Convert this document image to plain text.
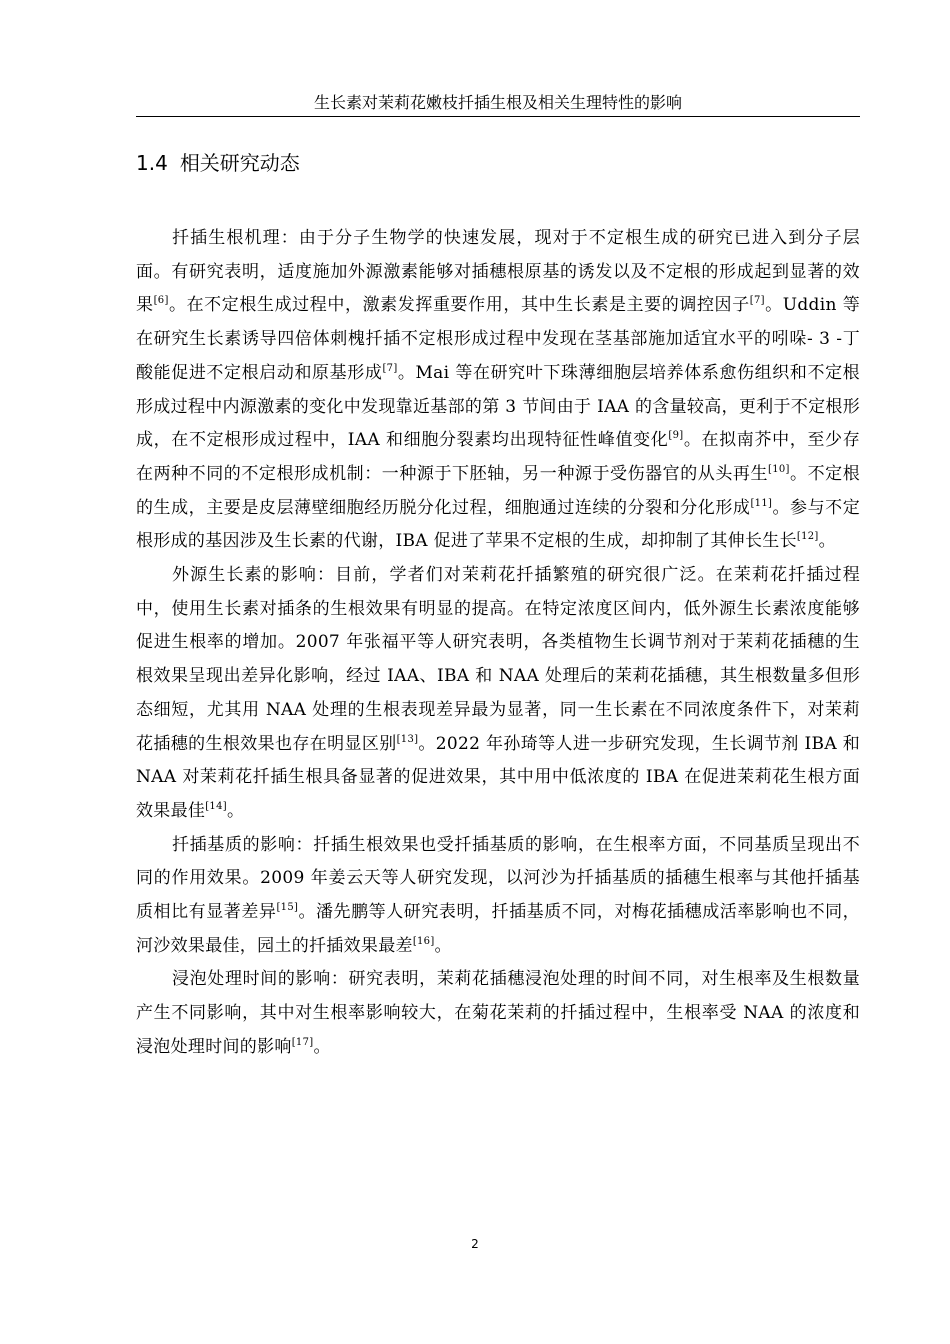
生长素对茉莉花嫩枝扦插生根及相关生理特性的影响
1.4 相关研究动态

扦插生根机理：由于分子生物学的快速发展，现对于不定根生成的研究已进入到分子层面。有研究表明，适度施加外源激素能够对插穗根原基的诱发以及不定根的形成起到显著的效果[6]。在不定根生成过程中，激素发挥重要作用，其中生长素是主要的调控因子[7]。Uddin 等在研究生长素诱导四倍体刺槐扦插不定根形成过程中发现在茎基部施加适宜水平的吲哚- 3 -丁酸能促进不定根启动和原基形成[7]。Mai 等在研究叶下珠薄细胞层培养体系愈伤组织和不定根形成过程中内源激素的变化中发现靠近基部的第 3 节间由于 IAA 的含量较高，更利于不定根形成，在不定根形成过程中，IAA 和细胞分裂素均出现特征性峰值变化[9]。在拟南芥中，至少存在两种不同的不定根形成机制：一种源于下胚轴，另一种源于受伤器官的从头再生[10]。不定根的生成，主要是皮层薄壁细胞经历脱分化过程，细胞通过连续的分裂和分化形成[11]。参与不定根形成的基因涉及生长素的代谢，IBA 促进了苹果不定根的生成，却抑制了其伸长生长[12]。

外源生长素的影响：目前，学者们对茉莉花扦插繁殖的研究很广泛。在茉莉花扦插过程中，使用生长素对插条的生根效果有明显的提高。在特定浓度区间内，低外源生长素浓度能够促进生根率的增加。2007 年张福平等人研究表明，各类植物生长调节剂对于茉莉花插穗的生根效果呈现出差异化影响，经过 IAA、IBA 和 NAA 处理后的茉莉花插穗，其生根数量多但形态细短，尤其用 NAA 处理的生根表现差异最为显著，同一生长素在不同浓度条件下，对茉莉花插穗的生根效果也存在明显区别[13]。2022 年孙琦等人进一步研究发现，生长调节剂 IBA 和 NAA 对茉莉花扦插生根具备显著的促进效果，其中用中低浓度的 IBA 在促进茉莉花生根方面效果最佳[14]。

扦插基质的影响：扦插生根效果也受扦插基质的影响，在生根率方面，不同基质呈现出不同的作用效果。2009 年姜云天等人研究发现，以河沙为扦插基质的插穗生根率与其他扦插基质相比有显著差异[15]。潘先鹏等人研究表明，扦插基质不同，对梅花插穗成活率影响也不同，河沙效果最佳，园土的扦插效果最差[16]。

浸泡处理时间的影响：研究表明，茉莉花插穗浸泡处理的时间不同，对生根率及生根数量产生不同影响，其中对生根率影响较大，在菊花茉莉的扦插过程中，生根率受 NAA 的浓度和浸泡处理时间的影响[17]。

2
